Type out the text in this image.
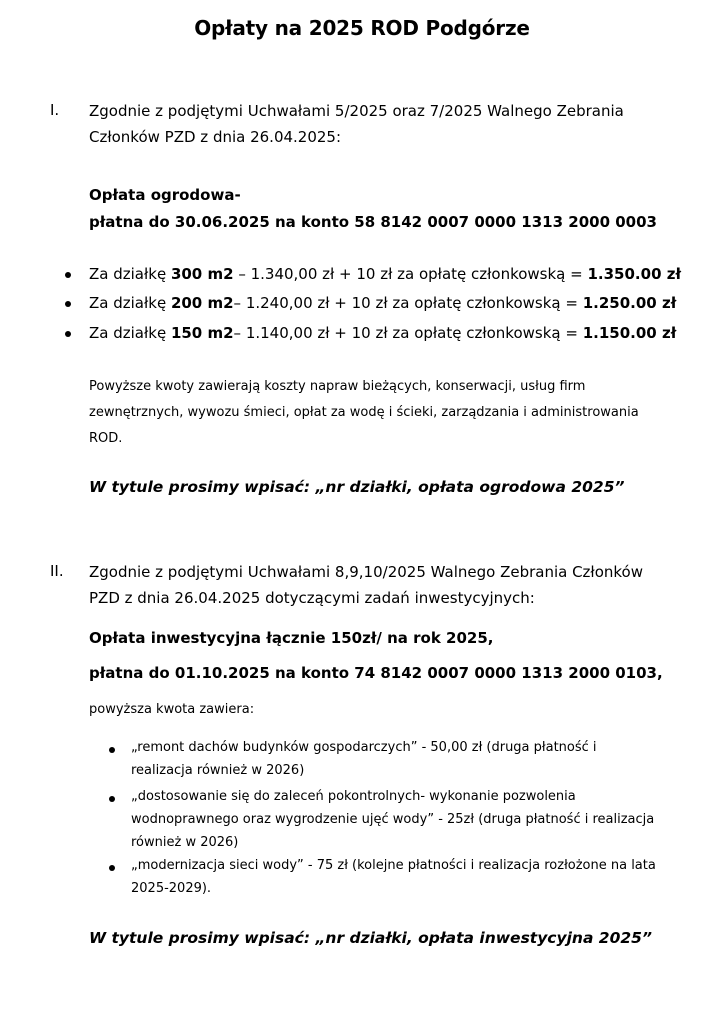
Opłaty na 2025 ROD Podgórze
I. Zgodnie z podjętymi Uchwałami 5/2025 oraz 7/2025 Walnego Zebrania
Członków PZD z dnia 26.04.2025:
Opłata ogrodowa-
płatna do 30.06.2025 na konto 58 8142 0007 0000 1313 2000 0003
Za działkę 300 m2 – 1.340,00 zł + 10 zł za opłatę członkowską = 1.350.00 zł
Za działkę 200 m2– 1.240,00 zł + 10 zł za opłatę członkowską = 1.250.00 zł
Za działkę 150 m2– 1.140,00 zł + 10 zł za opłatę członkowską = 1.150.00 zł
Powyższe kwoty zawierają koszty napraw bieżących, konserwacji, usług firm
zewnętrznych, wywozu śmieci, opłat za wodę i ścieki, zarządzania i administrowania
ROD.
W tytule prosimy wpisać: „nr działki, opłata ogrodowa 2025”
II. Zgodnie z podjętymi Uchwałami 8,9,10/2025 Walnego Zebrania Członków
PZD z dnia 26.04.2025 dotyczącymi zadań inwestycyjnych:
Opłata inwestycyjna łącznie 150zł/ na rok 2025,
płatna do 01.10.2025 na konto 74 8142 0007 0000 1313 2000 0103,
powyższa kwota zawiera:
„remont dachów budynków gospodarczych” - 50,00 zł (druga płatność i
realizacja również w 2026)
„dostosowanie się do zaleceń pokontrolnych- wykonanie pozwolenia
wodnoprawnego oraz wygrodzenie ujęć wody” - 25zł (druga płatność i realizacja
również w 2026)
„modernizacja sieci wody” - 75 zł (kolejne płatności i realizacja rozłożone na lata
2025-2029).
W tytule prosimy wpisać: „nr działki, opłata inwestycyjna 2025”
